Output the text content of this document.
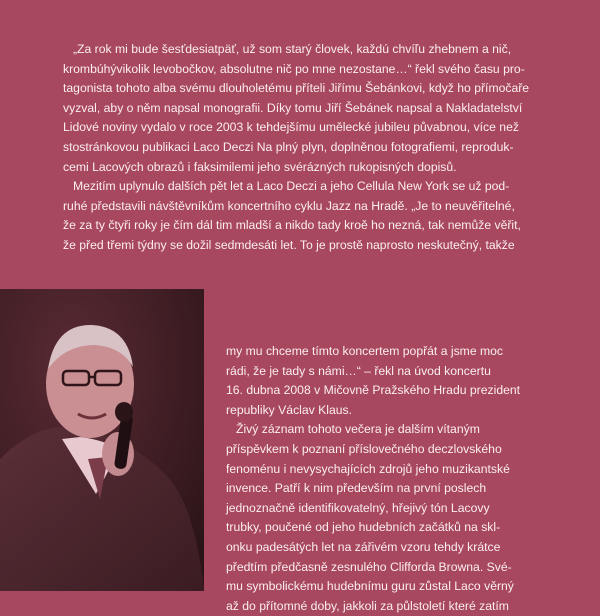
„Za rok mi bude šesťdesiatpäť, už som starý človek, každú chvíľu zhebnem a nič,
krombúhývikolik levobočkov, absolutne nič po mne nezostane…“ řekl svého času pro-
tagonista tohoto alba svému dlouholetému příteli Jiřímu Šebánkovi, když ho přímočaře
vyzval, aby o něm napsal monografii. Díky tomu Jiří Šebánek napsal a Nakladatelství
Lidové noviny vydalo v roce 2003 k tehdejšímu umělecké jubileu půvabnou, více než
stostránkovou publikaci Laco Deczi Na plný plyn, doplněnou fotografiemi, reproduk-
cemi Lacových obrazů i faksimilemi jeho svérázných rukopisných dopisů.
Mezitím uplynulo dalších pět let a Laco Deczi a jeho Cellula New York se už pod-
ruhé představili návštěvníkům koncertního cyklu Jazz na Hradě. „Je to neuvěřitelné,
že za ty čtyři roky je čím dál tim mladší a nikdo tady kroě ho nezná, tak nemůže věřit,
že před třemi týdny se dožil sedmdesáti let. To je prostě naprosto neskutečný, takže
my mu chceme tímto koncertem popřát a jsme moc
rádi, že je tady s námi…“ – řekl na úvod koncertu
16. dubna 2008 v Mičovně Pražského Hradu prezident
republiky Václav Klaus.
Živý záznam tohoto večera je dalším vítaným
příspěvkem k poznaní příslovečného deczlovského
fenoménu i nevysychajících zdrojů jeho muzikantské
invence. Patří k nim především na první poslech
jednoznačně identifikovatelný, hřejivý tón Lacovy
trubky, poučené od jeho hudebních začátků na skl-
onku padesátých let na zářivém vzoru tehdy krátce
předtím předčasně zesnulého Clifforda Browna. Své-
mu symbolickému hudebnímu guru zůstal Laco věrný
až do přítomné doby, jakkoli za půlstoletí které zatím
